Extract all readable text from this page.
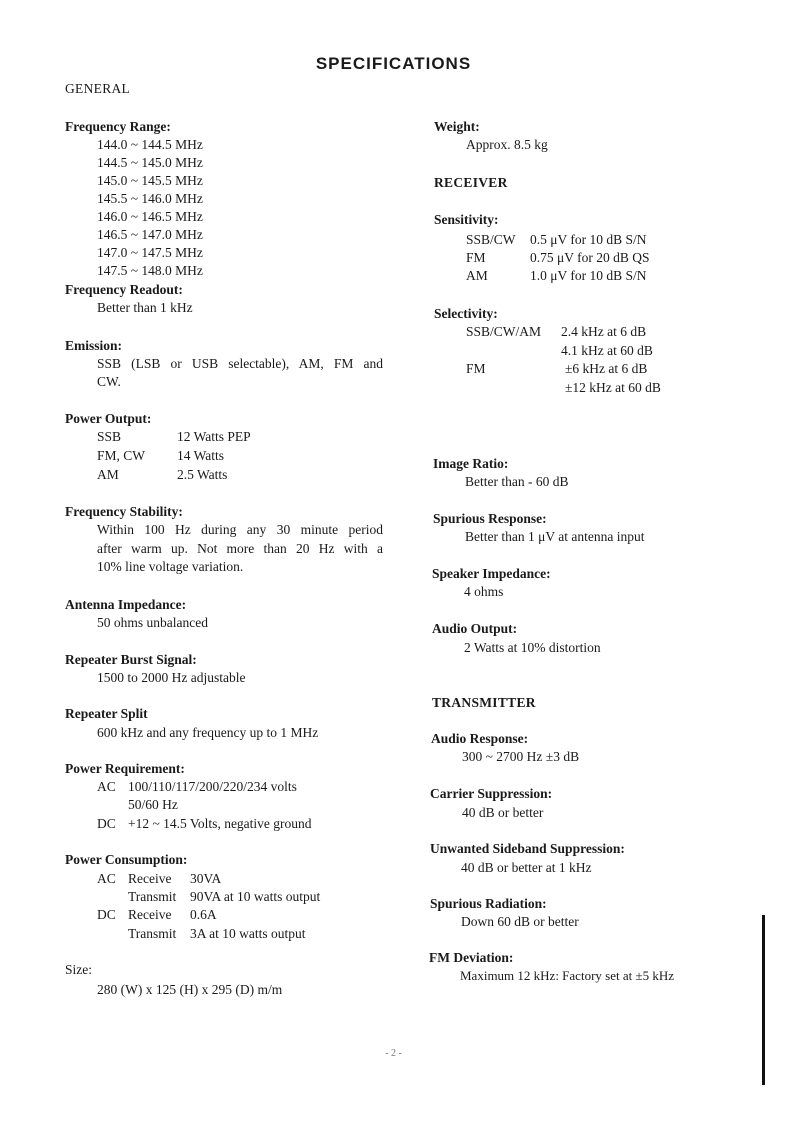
SPECIFICATIONS
GENERAL
Frequency Range:
144.0 ~ 144.5 MHz
144.5 ~ 145.0 MHz
145.0 ~ 145.5 MHz
145.5 ~ 146.0 MHz
146.0 ~ 146.5 MHz
146.5 ~ 147.0 MHz
147.0 ~ 147.5 MHz
147.5 ~ 148.0 MHz
Frequency Readout:
Better than 1 kHz
Emission:
SSB (LSB or USB selectable), AM, FM and
CW.
Power Output:
SSB	12 Watts PEP
FM, CW 14 Watts
AM	2.5 Watts
Frequency Stability:
Within 100 Hz during any 30 minute period
after warm up. Not more than 20 Hz with a
10% line voltage variation.
Antenna Impedance:
50 ohms unbalanced
Repeater Burst Signal:
1500 to 2000 Hz adjustable
Repeater Split
600 kHz and any frequency up to 1 MHz
Power Requirement:
AC 100/110/117/200/220/234 volts
50/60 Hz
DC +12 ~ 14.5 Volts, negative ground
Power Consumption:
AC Receive 30VA
Transmit 90VA at 10 watts output
DC Receive 0.6A
Transmit 3A at 10 watts output
Size:
280 (W) x 125 (H) x 295 (D) m/m
Weight:
Approx. 8.5 kg
RECEIVER
Sensitivity:
SSB/CW 0.5 μV for 10 dB S/N
FM	0.75 μV for 20 dB QS
AM	1.0 μV for 10 dB S/N
Selectivity:
SSB/CW/AM 2.4 kHz at 6 dB
4.1 kHz at 60 dB
FM	±6 kHz at 6 dB
±12 kHz at 60 dB
Image Ratio:
Better than - 60 dB
Spurious Response:
Better than 1 μV at antenna input
Speaker Impedance:
4 ohms
Audio Output:
2 Watts at 10% distortion
TRANSMITTER
Audio Response:
300 ~ 2700 Hz ±3 dB
Carrier Suppression:
40 dB or better
Unwanted Sideband Suppression:
40 dB or better at 1 kHz
Spurious Radiation:
Down 60 dB or better
FM Deviation:
Maximum 12 kHz: Factory set at ±5 kHz
- 2 -
